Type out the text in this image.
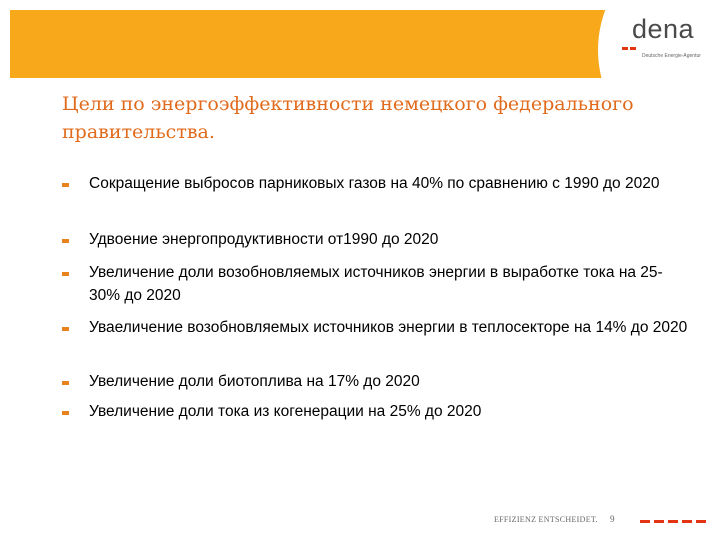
dena
Deutsche Energie-Agentur
Цели по энергоэффективности немецкого федерального правительства.
Сокращение выбросов парниковых газов на 40% по сравнению с 1990 до 2020
Удвоение энергопродуктивности от1990 до 2020
Увеличение доли возобновляемых источников энергии в выработке тока на 25-30% до 2020
Уваеличение возобновляемых источников энергии в теплосекторе на 14% до 2020
Увеличение доли биотоплива на 17% до 2020
Увеличение доли тока из когенерации на 25% до 2020
EFFIZIENZ ENTSCHEIDET. 9
